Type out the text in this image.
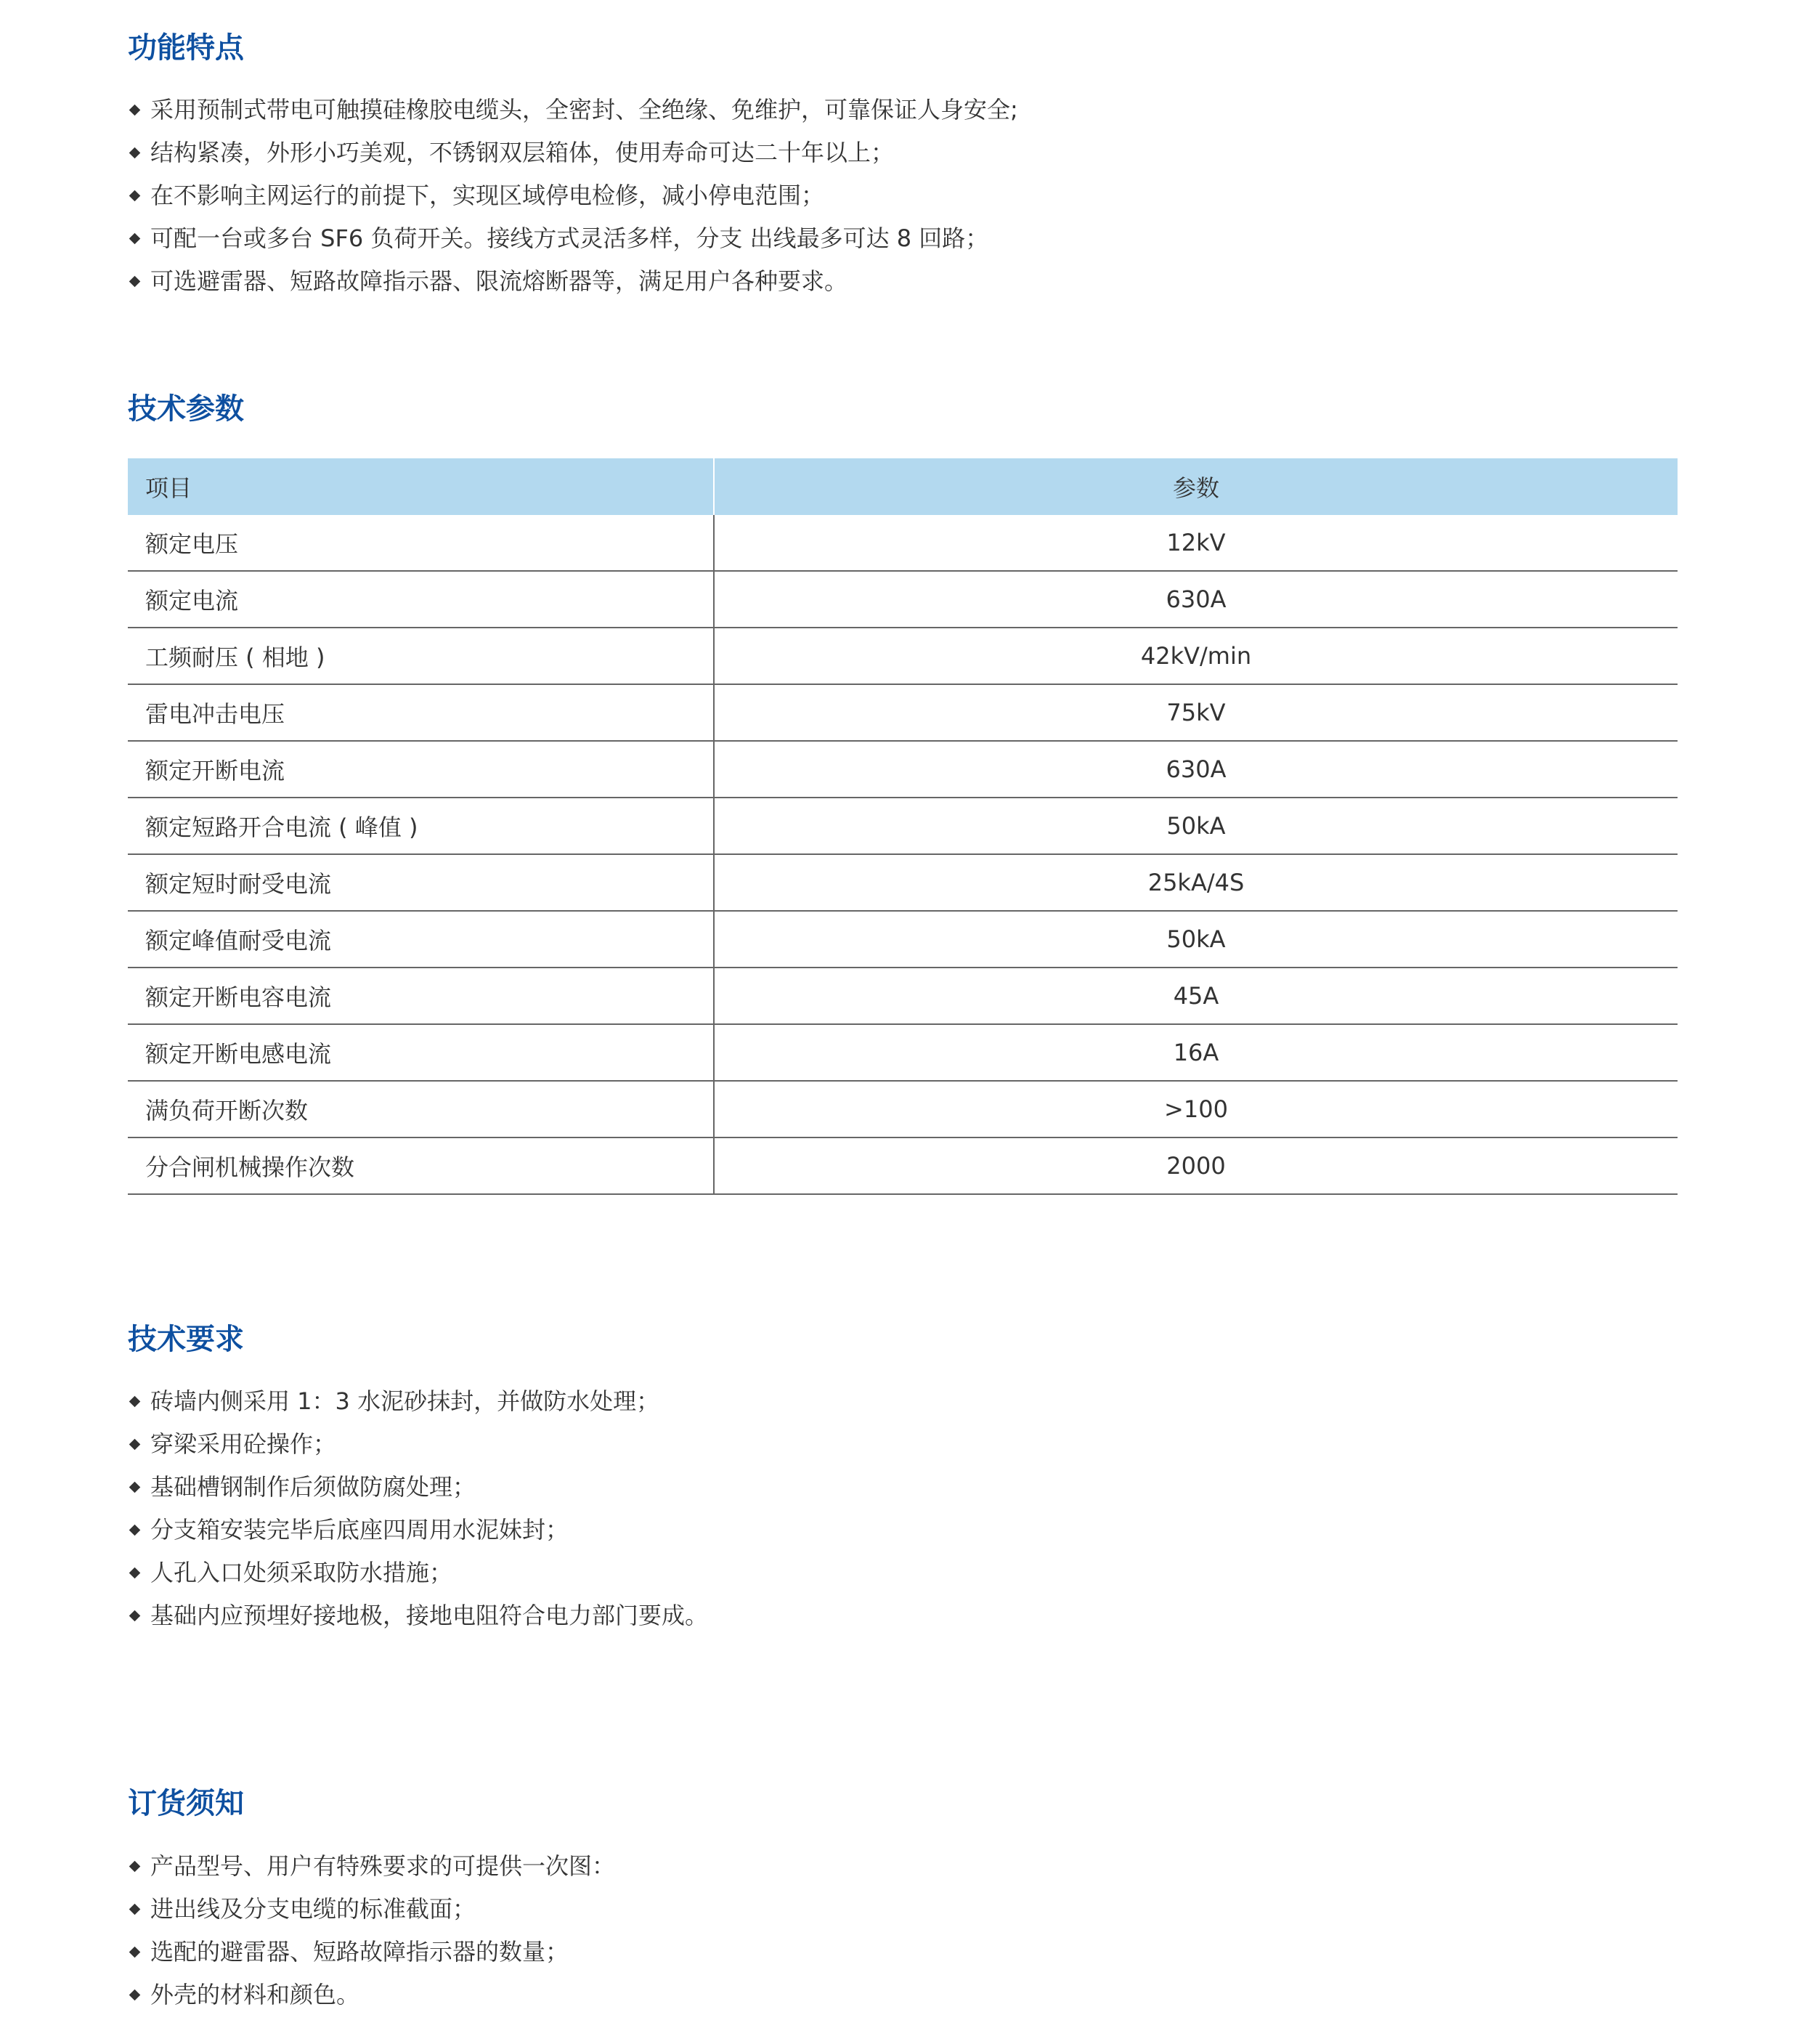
功能特点
采用预制式带电可触摸硅橡胶电缆头，全密封、全绝缘、免维护，可靠保证人身安全;
结构紧凑，外形小巧美观，不锈钢双层箱体，使用寿命可达二十年以上；
在不影响主网运行的前提下，实现区域停电检修，减小停电范围；
可配一台或多台 SF6 负荷开关。接线方式灵活多样，分支 出线最多可达 8 回路；
可选避雷器、短路故障指示器、限流熔断器等，满足用户各种要求。
技术参数
项目	参数
额定电压	12kV
额定电流	630A
工频耐压 ( 相地 )	42kV/min
雷电冲击电压	75kV
额定开断电流	630A
额定短路开合电流 ( 峰值 )	50kA
额定短时耐受电流	25kA/4S
额定峰值耐受电流	50kA
额定开断电容电流	45A
额定开断电感电流	16A
满负荷开断次数	>100
分合闸机械操作次数	2000
技术要求
砖墙内侧采用 1：3 水泥砂抹封，并做防水处理；
穿梁采用砼操作；
基础槽钢制作后须做防腐处理；
分支箱安装完毕后底座四周用水泥妹封；
人孔入口处须采取防水措施；
基础内应预埋好接地极，接地电阻符合电力部门要成。
订货须知
产品型号、用户有特殊要求的可提供一次图：
进出线及分支电缆的标准截面；
选配的避雷器、短路故障指示器的数量；
外壳的材料和颜色。
